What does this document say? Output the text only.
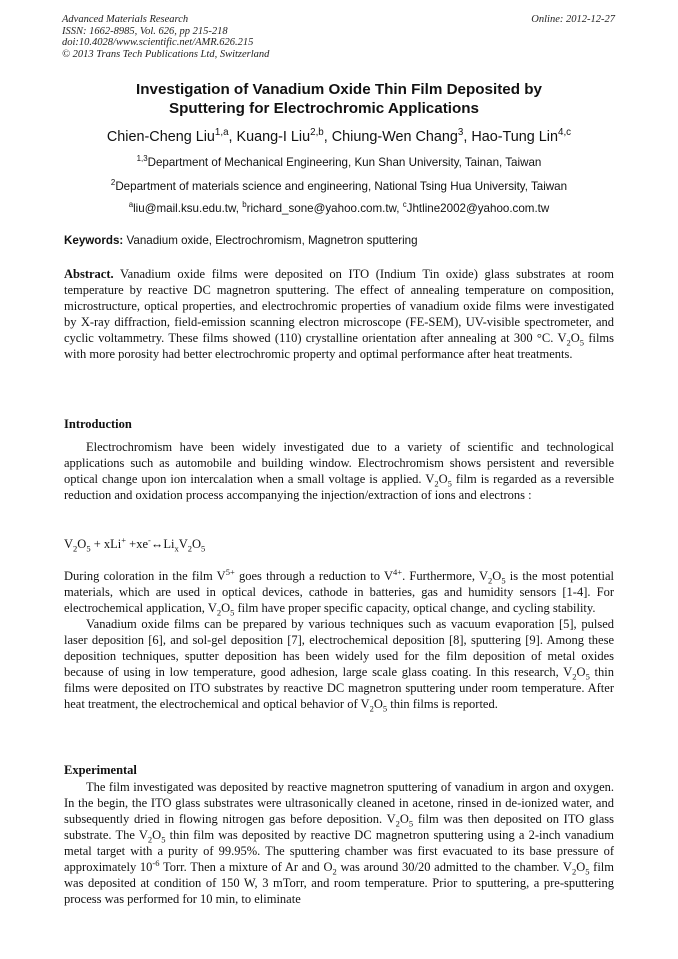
Advanced Materials Research
ISSN: 1662-8985, Vol. 626, pp 215-218
doi:10.4028/www.scientific.net/AMR.626.215
© 2013 Trans Tech Publications Ltd, Switzerland
Online: 2012-12-27
Investigation of Vanadium Oxide Thin Film Deposited by
Sputtering for Electrochromic Applications
Chien-Cheng Liu$^{1,a}$, Kuang-I Liu$^{2,b}$, Chiung-Wen Chang$^3$, Hao-Tung Lin$^{4,c}$
$^{1,3}$Department of Mechanical Engineering, Kun Shan University, Tainan, Taiwan
$^2$Department of materials science and engineering, National Tsing Hua University, Taiwan
$^a$liu@mail.ksu.edu.tw, $^b$richard_sone@yahoo.com.tw, $^c$Jhtline2002@yahoo.com.tw
Keywords: Vanadium oxide, Electrochromism, Magnetron sputtering

Abstract. Vanadium oxide films were deposited on ITO (Indium Tin oxide) glass substrates at room temperature by reactive DC magnetron sputtering. The effect of annealing temperature on composition, microstructure, optical properties, and electrochromic properties of vanadium oxide films were investigated by X-ray diffraction, field-emission scanning electron microscope (FE-SEM), UV-visible spectrometer, and cyclic voltammetry. These films showed (110) crystalline orientation after annealing at 300 °C. $V_2O_5$ films with more porosity had better electrochromic property and optimal performance after heat treatments.

Introduction

Electrochromism have been widely investigated due to a variety of scientific and technological applications such as automobile and building window. Electrochromism shows persistent and reversible optical change upon ion intercalation when a small voltage is applied. $V_2O_5$ film is regarded as a reversible reduction and oxidation process accompanying the injection/extraction of ions and electrons :

$V_2O_5 + xLi^+$ $+xe^-\leftrightarrow Li_xV_2O_5$

During coloration in the film $V^{5+}$ goes through a reduction to $V^{4+}$. Furthermore, $V_2O_5$ is the most potential materials, which are used in optical devices, cathode in batteries, gas and humidity sensors [1-4]. For electrochemical application, $V_2O_5$ film have proper specific capacity, optical change, and cycling stability.

Vanadium oxide films can be prepared by various techniques such as vacuum evaporation [5], pulsed laser deposition [6], and sol-gel deposition [7], electrochemical deposition [8], sputtering [9]. Among these deposition techniques, sputter deposition has been widely used for the film deposition of metal oxides because of using in low temperature, good adhesion, large scale glass coating. In this research, $V_2O_5$ thin films were deposited on ITO substrates by reactive DC magnetron sputtering under room temperature. After heat treatment, the electrochemical and optical behavior of $V_2O_5$ thin films is reported.

Experimental

The film investigated was deposited by reactive magnetron sputtering of vanadium in argon and oxygen. In the begin, the ITO glass substrates were ultrasonically cleaned in acetone, rinsed in de-ionized water, and subsequently dried in flowing nitrogen gas before deposition. $V_2O_5$ film was then deposited on ITO glass substrate. The $V_2O_5$ thin film was deposited by reactive DC magnetron sputtering using a 2-inch vanadium metal target with a purity of 99.95%. The sputtering chamber was first evacuated to its base pressure of approximately $10^{-6}$ Torr. Then a mixture of Ar and $O_2$ was around 30/20 admitted to the chamber. $V_2O_5$ film was deposited at condition of 150 W, 3 mTorr, and room temperature. Prior to sputtering, a pre-sputtering process was performed for 10 min, to eliminate
